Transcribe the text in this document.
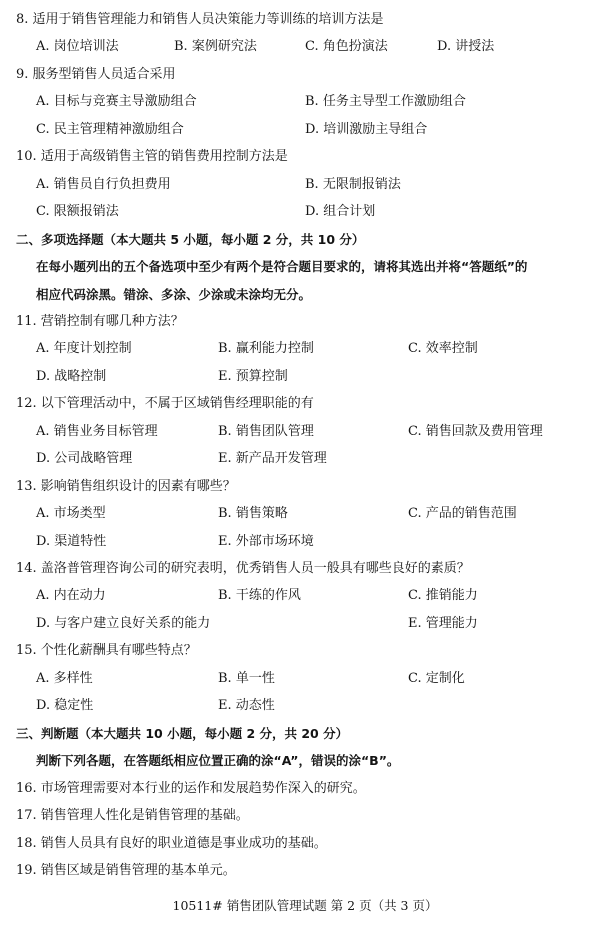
8. 适用于销售管理能力和销售人员决策能力等训练的培训方法是
A. 岗位培训法	B. 案例研究法	C. 角色扮演法	D. 讲授法
9. 服务型销售人员适合采用
A. 目标与竞赛主导激励组合	B. 任务主导型工作激励组合
C. 民主管理精神激励组合	D. 培训激励主导组合
10. 适用于高级销售主管的销售费用控制方法是
A. 销售员自行负担费用	B. 无限制报销法
C. 限额报销法	D. 组合计划
二、多项选择题（本大题共 5 小题，每小题 2 分，共 10 分）
在每小题列出的五个备选项中至少有两个是符合题目要求的，请将其选出并将“答题纸”的
相应代码涂黑。错涂、多涂、少涂或未涂均无分。
11. 营销控制有哪几种方法？
A. 年度计划控制	B. 赢利能力控制	C. 效率控制
D. 战略控制	E. 预算控制
12. 以下管理活动中，不属于区域销售经理职能的有
A. 销售业务目标管理	B. 销售团队管理	C. 销售回款及费用管理
D. 公司战略管理	E. 新产品开发管理
13. 影响销售组织设计的因素有哪些？
A. 市场类型	B. 销售策略	C. 产品的销售范围
D. 渠道特性	E. 外部市场环境
14. 盖洛普管理咨询公司的研究表明，优秀销售人员一般具有哪些良好的素质？
A. 内在动力	B. 干练的作风	C. 推销能力
D. 与客户建立良好关系的能力	E. 管理能力
15. 个性化薪酬具有哪些特点？
A. 多样性	B. 单一性	C. 定制化
D. 稳定性	E. 动态性
三、判断题（本大题共 10 小题，每小题 2 分，共 20 分）
判断下列各题，在答题纸相应位置正确的涂“A”，错误的涂“B”。
16. 市场管理需要对本行业的运作和发展趋势作深入的研究。
17. 销售管理人性化是销售管理的基础。
18. 销售人员具有良好的职业道德是事业成功的基础。
19. 销售区域是销售管理的基本单元。
10511# 销售团队管理试题 第 2 页（共 3 页）
